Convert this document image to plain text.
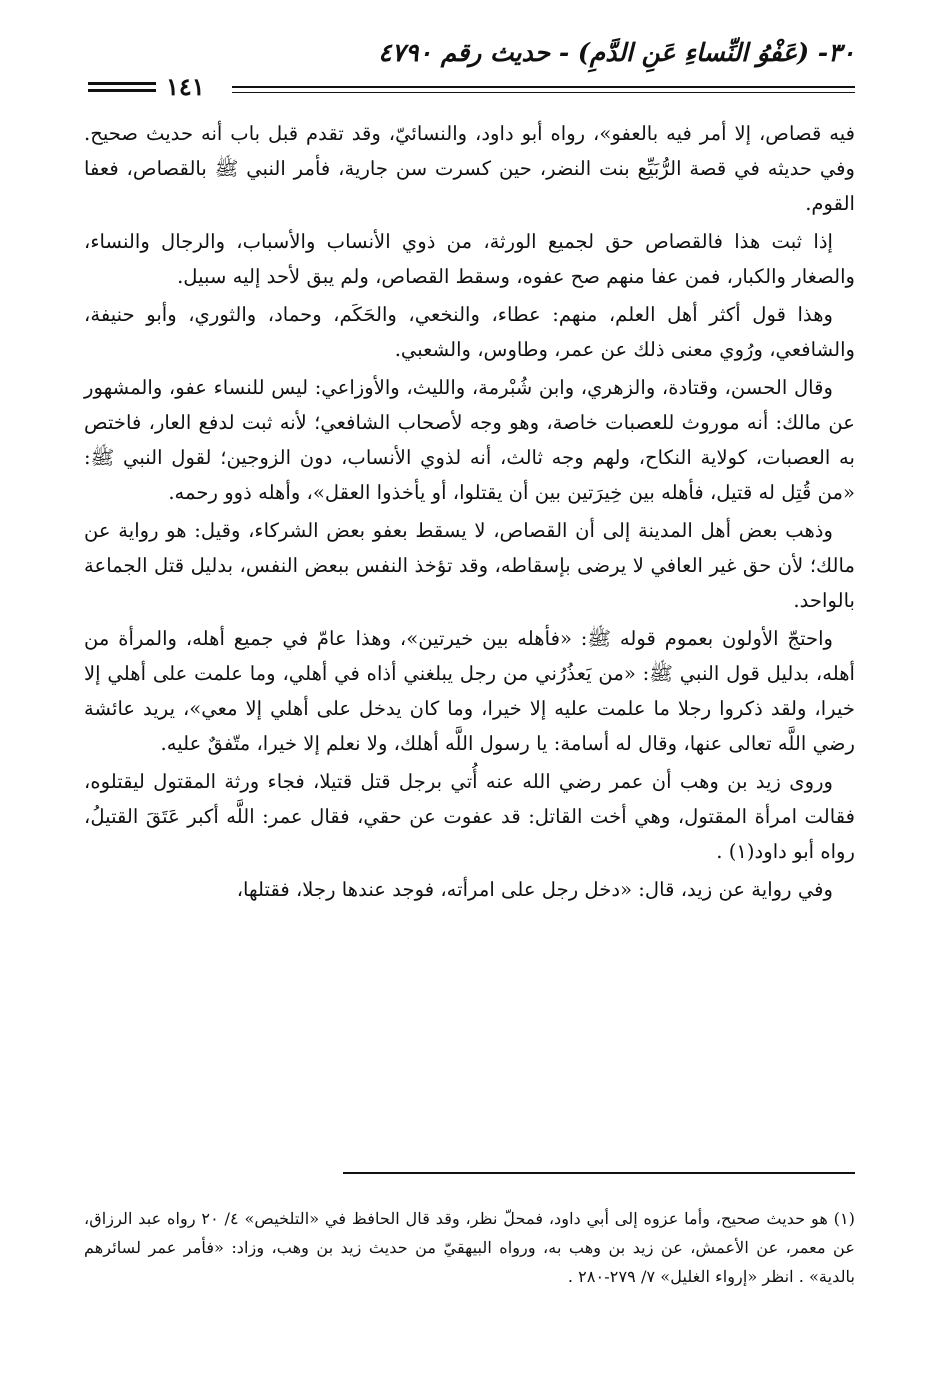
٣٠- (عَفْوُ النِّساءِ عَنِ الدَّمِ) - حديث رقم ٤٧٩٠
١٤١

فيه قصاص، إلا أمر فيه بالعفو»، رواه أبو داود، والنسائيّ، وقد تقدم قبل باب أنه حديث صحيح. وفي حديثه في قصة الرُّبَيِّع بنت النضر، حين كسرت سن جارية، فأمر النبي ﷺ بالقصاص، فعفا القوم.

إذا ثبت هذا فالقصاص حق لجميع الورثة، من ذوي الأنساب والأسباب، والرجال والنساء، والصغار والكبار، فمن عفا منهم صح عفوه، وسقط القصاص، ولم يبق لأحد إليه سبيل.

وهذا قول أكثر أهل العلم، منهم: عطاء، والنخعي، والحَكَم، وحماد، والثوري، وأبو حنيفة، والشافعي، ورُوي معنى ذلك عن عمر، وطاوس، والشعبي.

وقال الحسن، وقتادة، والزهري، وابن شُبْرمة، والليث، والأوزاعي: ليس للنساء عفو، والمشهور عن مالك: أنه موروث للعصبات خاصة، وهو وجه لأصحاب الشافعي؛ لأنه ثبت لدفع العار، فاختص به العصبات، كولاية النكاح، ولهم وجه ثالث، أنه لذوي الأنساب، دون الزوجين؛ لقول النبي ﷺ: «من قُتِل له قتيل، فأهله بين خِيرَتين بين أن يقتلوا، أو يأخذوا العقل»، وأهله ذوو رحمه.

وذهب بعض أهل المدينة إلى أن القصاص، لا يسقط بعفو بعض الشركاء، وقيل: هو رواية عن مالك؛ لأن حق غير العافي لا يرضى بإسقاطه، وقد تؤخذ النفس ببعض النفس، بدليل قتل الجماعة بالواحد.

واحتجّ الأولون بعموم قوله ﷺ: «فأهله بين خيرتين»، وهذا عامّ في جميع أهله، والمرأة من أهله، بدليل قول النبي ﷺ: «من يَعذُرُني من رجل يبلغني أذاه في أهلي، وما علمت على أهلي إلا خيرا، ولقد ذكروا رجلا ما علمت عليه إلا خيرا، وما كان يدخل على أهلي إلا معي»، يريد عائشة رضي اللَّه تعالى عنها، وقال له أسامة: يا رسول اللَّه أهلك، ولا نعلم إلا خيرا، متّفقٌ عليه.

وروى زيد بن وهب أن عمر رضي الله عنه أُتي برجل قتل قتيلا، فجاء ورثة المقتول ليقتلوه، فقالت امرأة المقتول، وهي أخت القاتل: قد عفوت عن حقي، فقال عمر: اللَّه أكبر عَتَقَ القتيلُ، رواه أبو داود(١) .

وفي رواية عن زيد، قال: «دخل رجل على امرأته، فوجد عندها رجلا، فقتلها،

(١) هو حديث صحيح، وأما عزوه إلى أبي داود، فمحلّ نظر، وقد قال الحافظ في «التلخيص» ٤/ ٢٠ رواه عبد الرزاق، عن معمر، عن الأعمش، عن زيد بن وهب به، ورواه البيهقيّ من حديث زيد بن وهب، وزاد: «فأمر عمر لسائرهم بالدية» . انظر «إرواء الغليل» ٧/ ٢٧٩-٢٨٠ .
